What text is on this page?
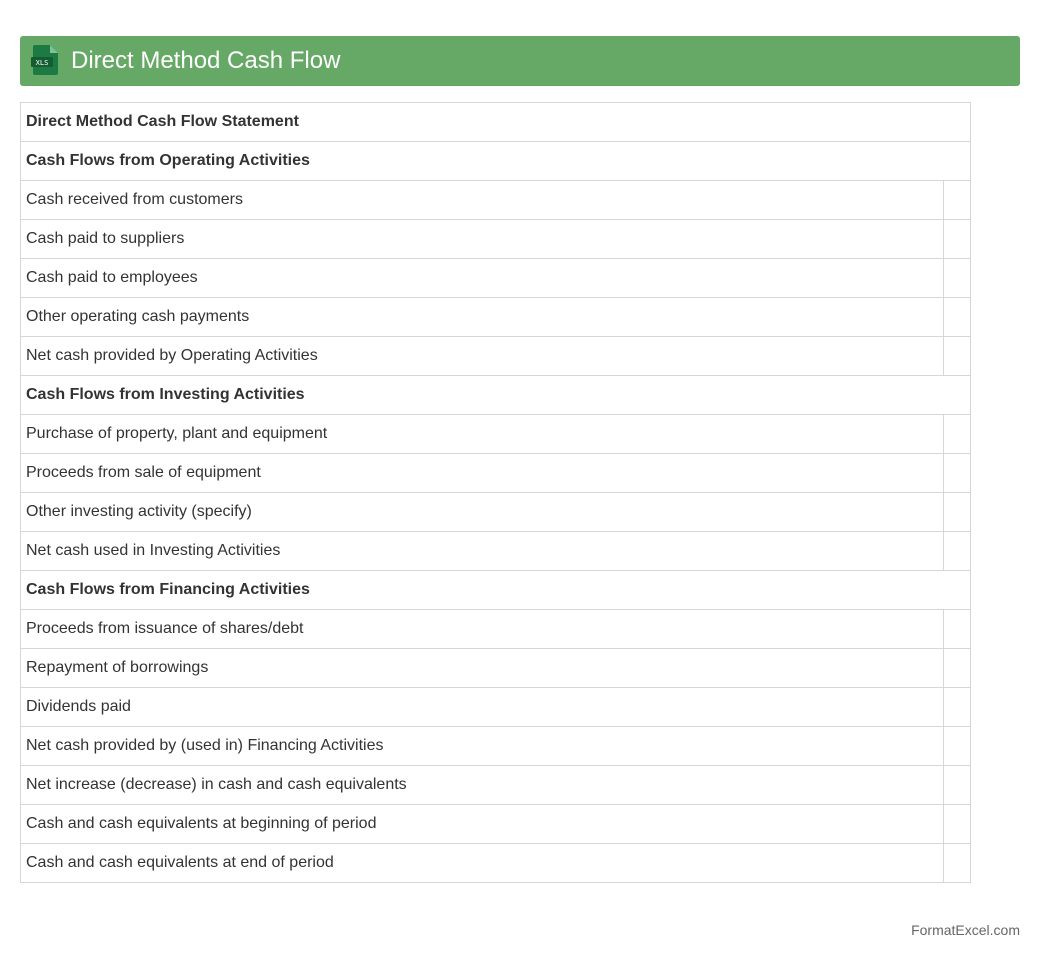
XLS Direct Method Cash Flow
Direct Method Cash Flow Statement	
Cash Flows from Operating Activities	
Cash received from customers	
Cash paid to suppliers	
Cash paid to employees	
Other operating cash payments	
Net cash provided by Operating Activities	
Cash Flows from Investing Activities	
Purchase of property, plant and equipment	
Proceeds from sale of equipment	
Other investing activity (specify)	
Net cash used in Investing Activities	
Cash Flows from Financing Activities	
Proceeds from issuance of shares/debt	
Repayment of borrowings	
Dividends paid	
Net cash provided by (used in) Financing Activities	
Net increase (decrease) in cash and cash equivalents	
Cash and cash equivalents at beginning of period	
Cash and cash equivalents at end of period	
FormatExcel.com
